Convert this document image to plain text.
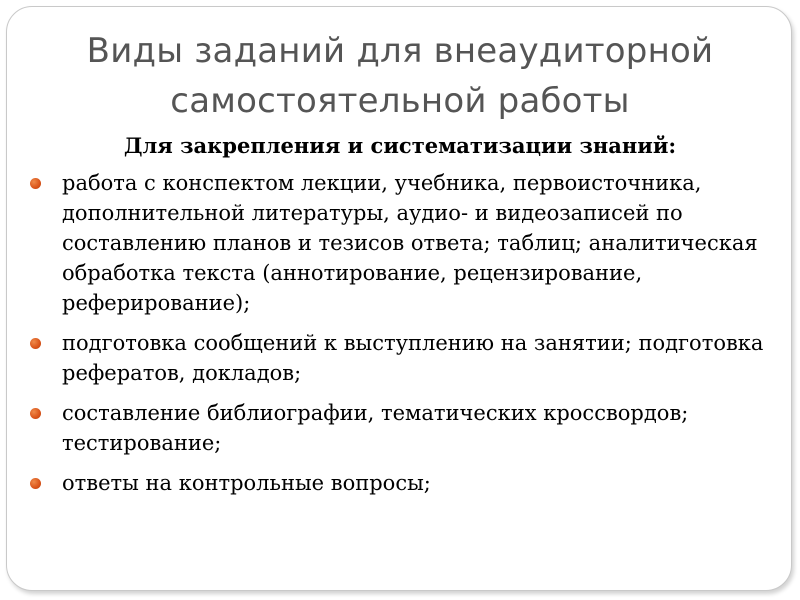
Виды заданий для внеаудиторной
самостоятельной работы
Для закрепления и систематизации знаний:
работа с конспектом лекции, учебника, первоисточника, дополнительной литературы, аудио- и видеозаписей по составлению планов и тезисов ответа; таблиц; аналитическая обработка текста (аннотирование, рецензирование, реферирование);
подготовка сообщений к выступлению на занятии; подготовка рефератов, докладов;
составление библиографии, тематических кроссвордов; тестирование;
ответы на контрольные вопросы;
